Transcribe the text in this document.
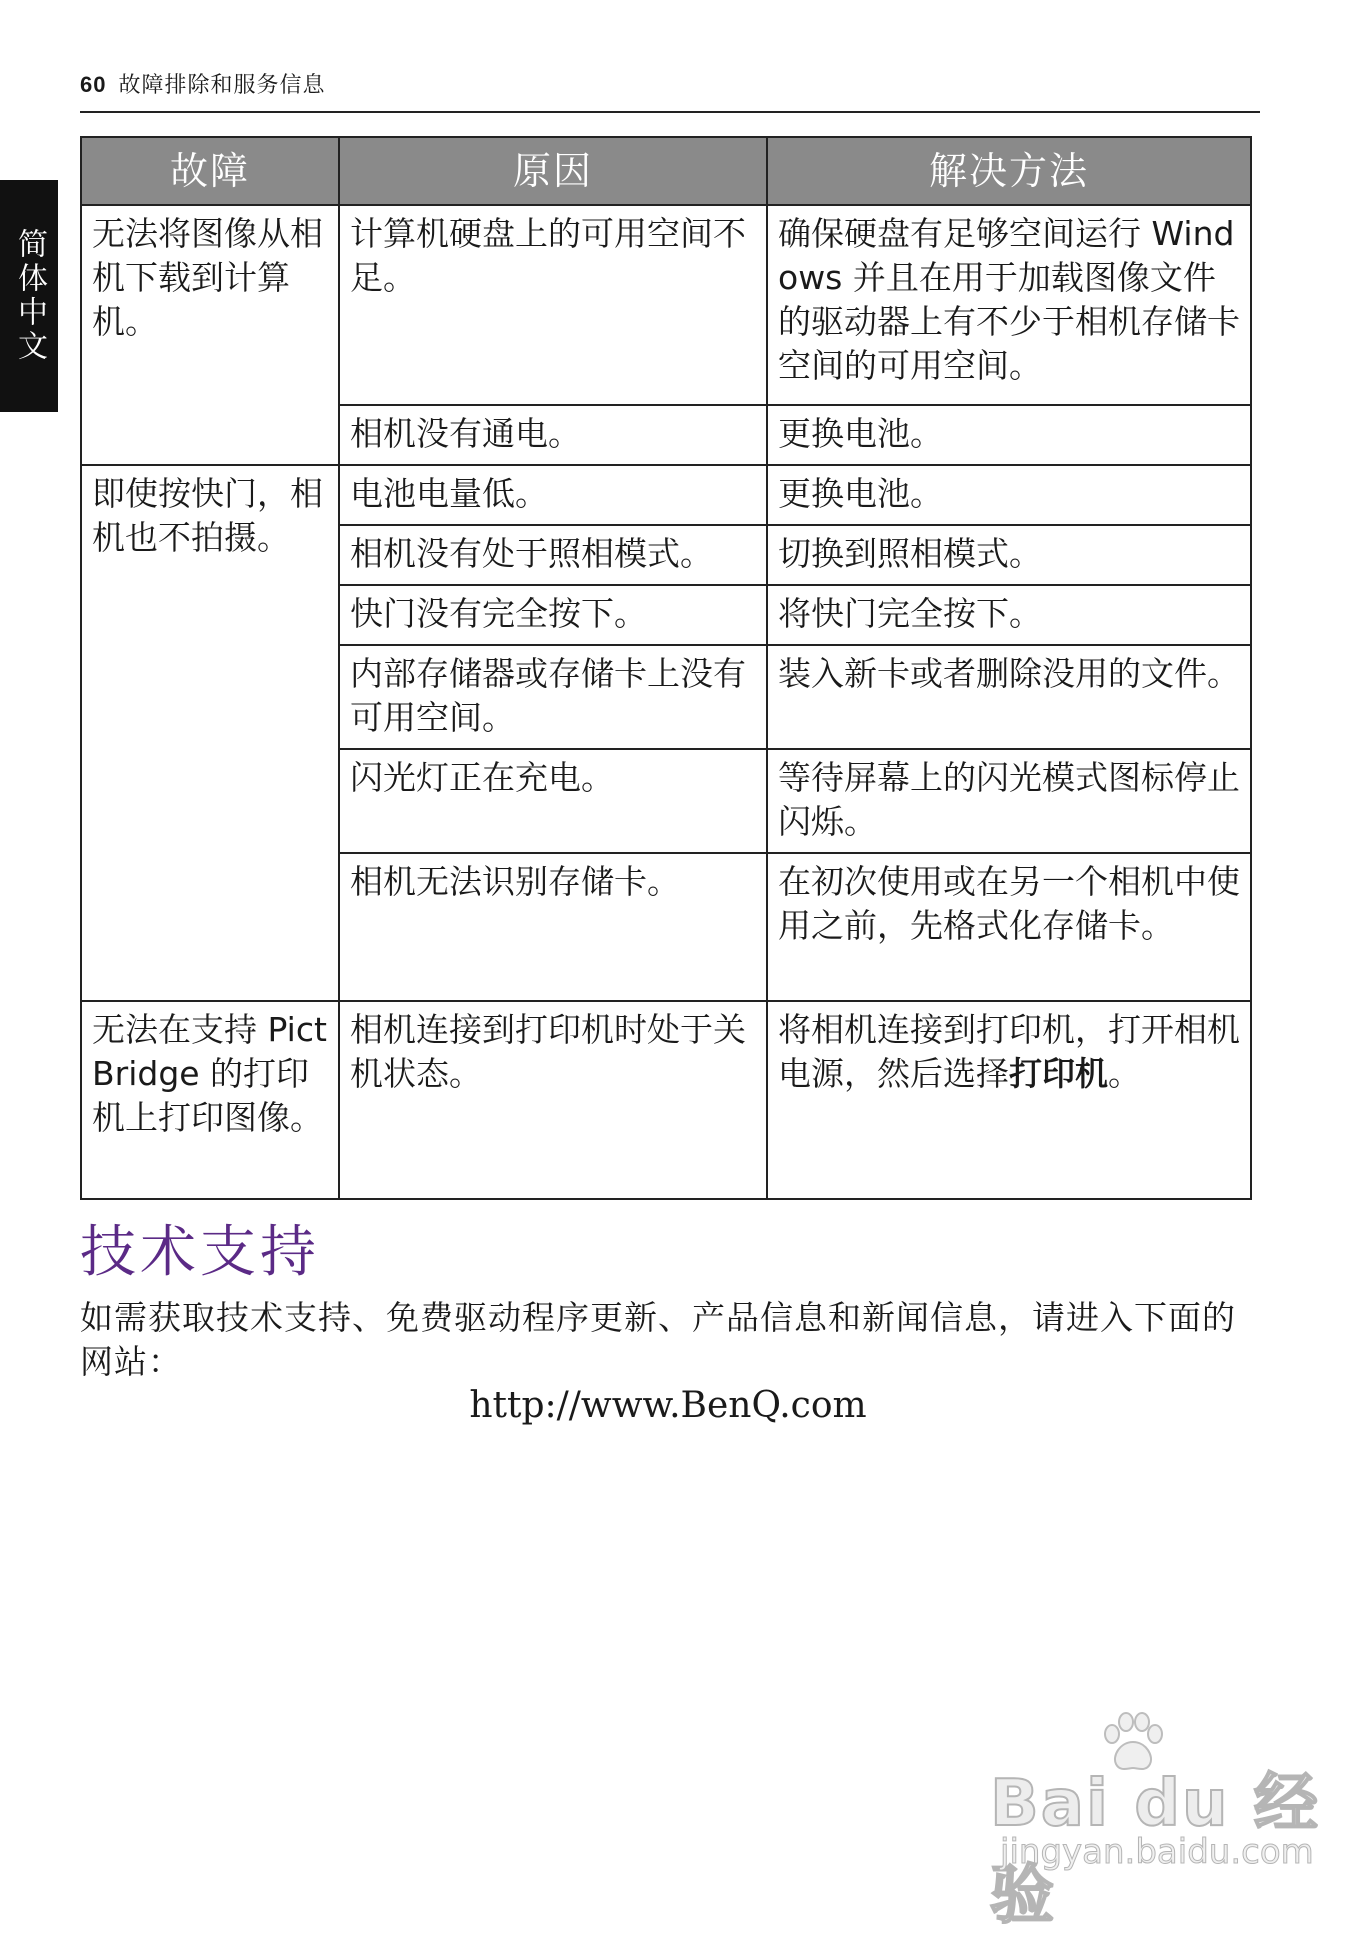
60 故障排除和服务信息
简体中文
故障	原因	解决方法
无法将图像从相机下载到计算机。	计算机硬盘上的可用空间不足。	确保硬盘有足够空间运行 Windows 并且在用于加载图像文件的驱动器上有不少于相机存储卡空间的可用空间。
	相机没有通电。	更换电池。
即使按快门，相机也不拍摄。	电池电量低。	更换电池。
	相机没有处于照相模式。	切换到照相模式。
	快门没有完全按下。	将快门完全按下。
	内部存储器或存储卡上没有可用空间。	装入新卡或者删除没用的文件。
	闪光灯正在充电。	等待屏幕上的闪光模式图标停止闪烁。
	相机无法识别存储卡。	在初次使用或在另一个相机中使用之前，先格式化存储卡。
无法在支持 PictBridge 的打印机上打印图像。	相机连接到打印机时处于关机状态。	将相机连接到打印机，打开相机电源，然后选择打印机。
技术支持
如需获取技术支持、免费驱动程序更新、产品信息和新闻信息，请进入下面的网站：
http://www.BenQ.com
Bai du 经验
jingyan.baidu.com
